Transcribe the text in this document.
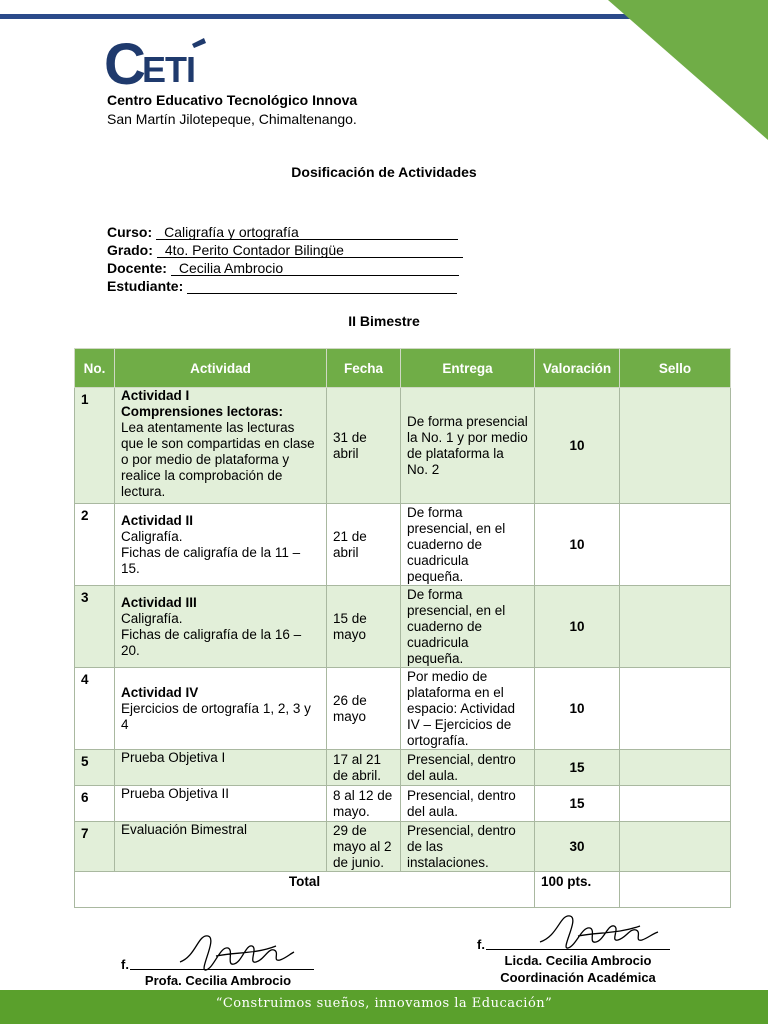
C ETI
Centro Educativo Tecnológico Innova
San Martín Jilotepeque, Chimaltenango.
Dosificación de Actividades
Curso: Caligrafía y ortografía
Grado: 4to. Perito Contador Bilingüe
Docente: Cecilia Ambrocio
Estudiante:
II Bimestre
No.	Actividad	Fecha	Entrega	Valoración	Sello
1	Actividad I
Comprensiones lectoras:
Lea atentamente las lecturas que le son compartidas en clase o por medio de plataforma y realice la comprobación de lectura.	31 de abril	De forma presencial la No. 1 y por medio de plataforma la No. 2	10	
2	Actividad II
Caligrafía.
Fichas de caligrafía de la 11 – 15.	21 de abril	De forma presencial, en el cuaderno de cuadricula pequeña.	10	
3	Actividad III
Caligrafía.
Fichas de caligrafía de la 16 – 20.	15 de mayo	De forma presencial, en el cuaderno de cuadricula pequeña.	10	
4	Actividad IV
Ejercicios de ortografía 1, 2, 3 y 4	26 de mayo	Por medio de plataforma en el espacio: Actividad IV – Ejercicios de ortografía.	10	
5	Prueba Objetiva I	17 al 21 de abril.	Presencial, dentro del aula.	15	
6	Prueba Objetiva II	8 al 12 de mayo.	Presencial, dentro del aula.	15	
7	Evaluación Bimestral	29 de mayo al 2 de junio.	Presencial, dentro de las instalaciones.	30	
Total				100 pts.	
f.
Profa. Cecilia Ambrocio
f.
Licda. Cecilia Ambrocio
Coordinación Académica
“Construimos sueños, innovamos la Educación”
